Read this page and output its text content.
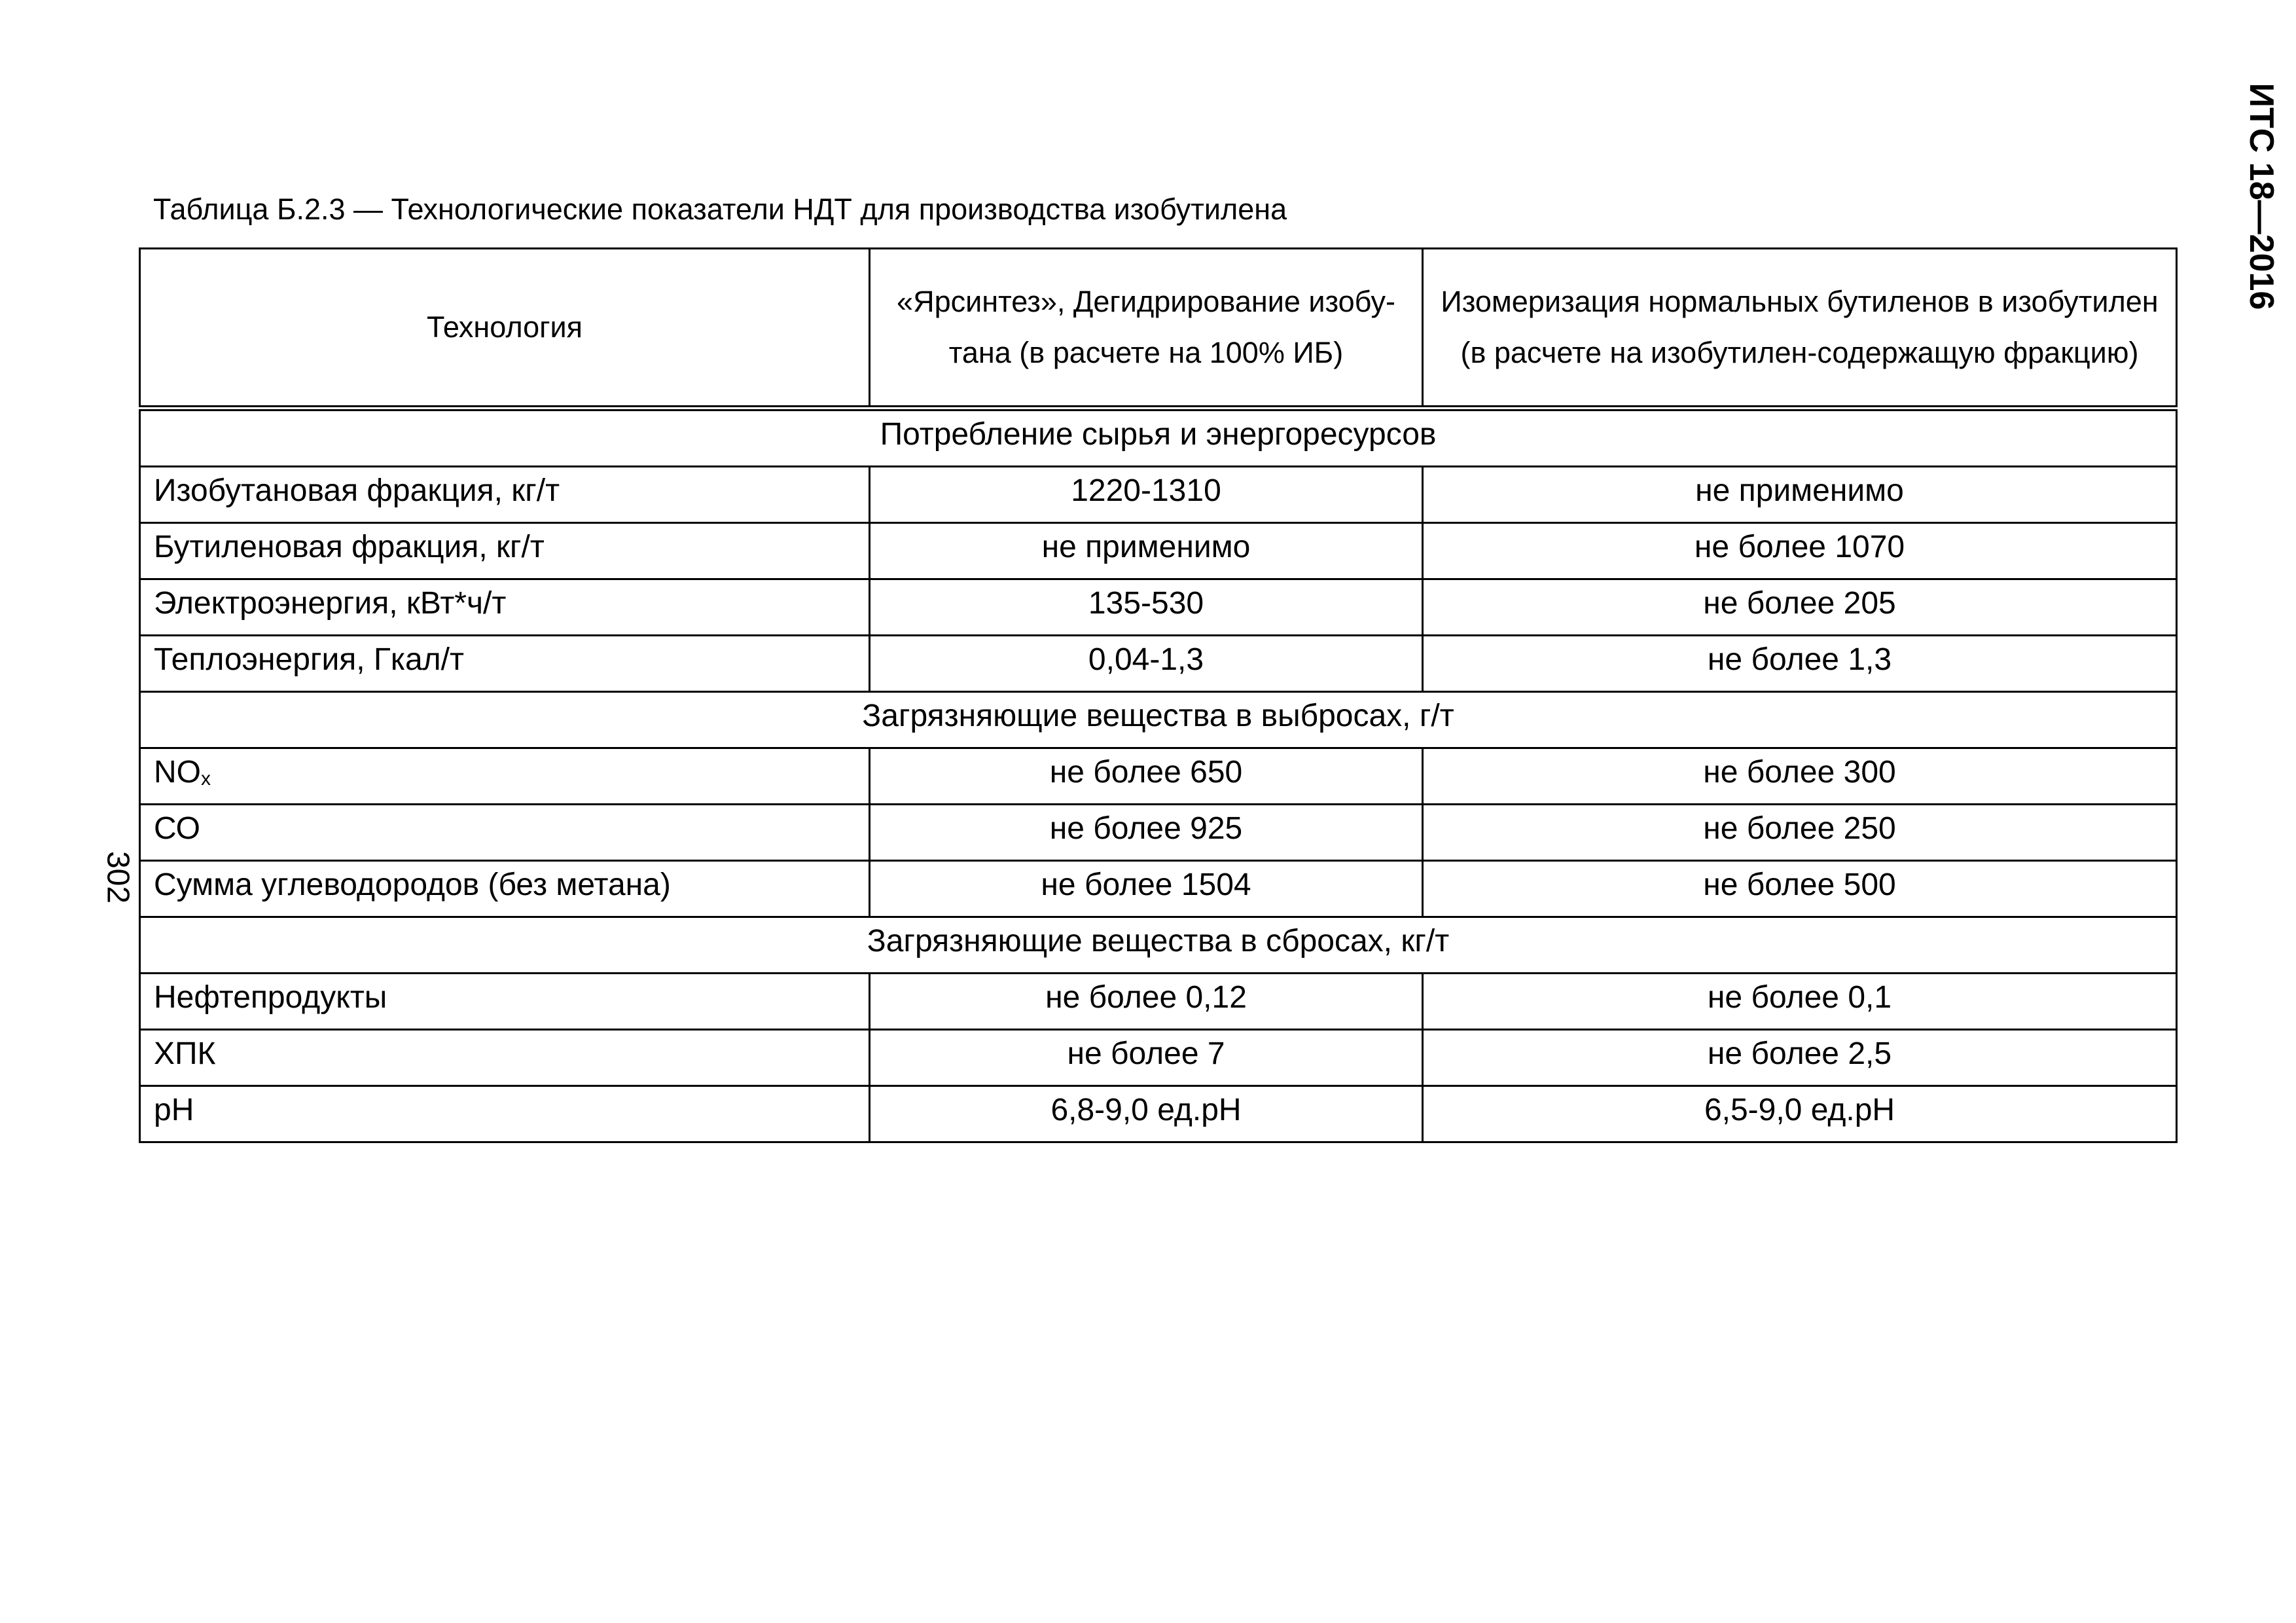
Таблица Б.2.3 — Технологические показатели НДТ для производства изобутилена	ИТС 18—2016
302
Технология	«Ярсинтез», Дегидрирование изобу-тана (в расчете на 100% ИБ)	Изомеризация нормальных бутиленов в изобутилен (в расчете на изобутилен-содержащую фракцию)
Потребление сырья и энергоресурсов		
Изобутановая фракция, кг/т	1220-1310	не применимо
Бутиленовая фракция, кг/т	не применимо	не более 1070
Электроэнергия, кВт*ч/т	135-530	не более 205
Теплоэнергия, Гкал/т	0,04-1,3	не более 1,3
Загрязняющие вещества в выбросах, г/т		
NOx	не более 650	не более 300
СО	не более 925	не более 250
Сумма углеводородов (без метана)	не более 1504	не более 500
Загрязняющие вещества в сбросах, кг/т		
Нефтепродукты	не более 0,12	не более 0,1
ХПК	не более 7	не более 2,5
pH	6,8-9,0 ед.pH	6,5-9,0 ед.pH
